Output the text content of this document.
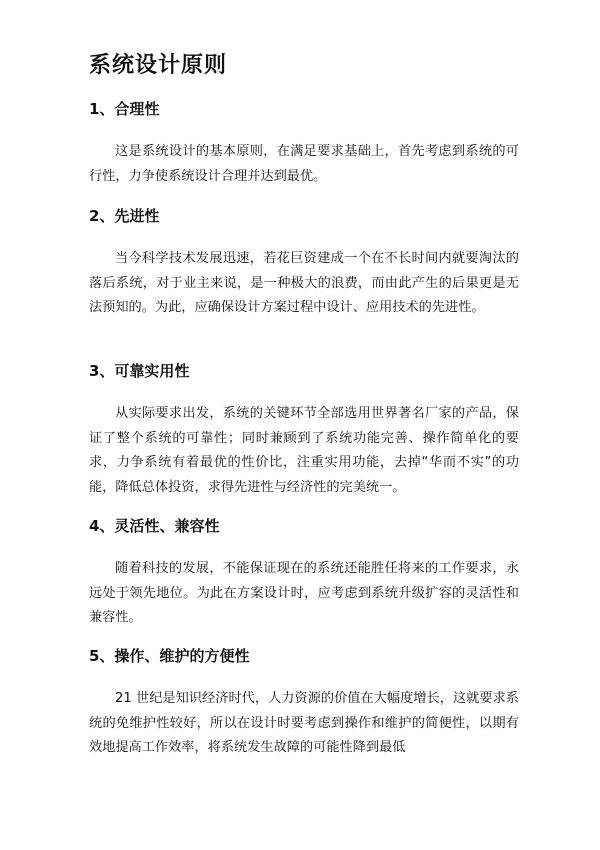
系统设计原则
1、合理性

这是系统设计的基本原则，在满足要求基础上，首先考虑到系统的可行性，力争使系统设计合理并达到最优。

2、先进性

当今科学技术发展迅速，若花巨资建成一个在不长时间内就要淘汰的落后系统，对于业主来说，是一种极大的浪费，而由此产生的后果更是无法预知的。为此，应确保设计方案过程中设计、应用技术的先进性。

3、可靠实用性

从实际要求出发，系统的关键环节全部选用世界著名厂家的产品，保证了整个系统的可靠性；同时兼顾到了系统功能完善、操作简单化的要求，力争系统有着最优的性价比，注重实用功能，去掉“华而不实”的功能，降低总体投资，求得先进性与经济性的完美统一。

4、灵活性、兼容性

随着科技的发展，不能保证现在的系统还能胜任将来的工作要求，永远处于领先地位。为此在方案设计时，应考虑到系统升级扩容的灵活性和兼容性。

5、操作、维护的方便性

21 世纪是知识经济时代，人力资源的价值在大幅度增长，这就要求系统的免维护性较好，所以在设计时要考虑到操作和维护的简便性，以期有效地提高工作效率，将系统发生故障的可能性降到最低
